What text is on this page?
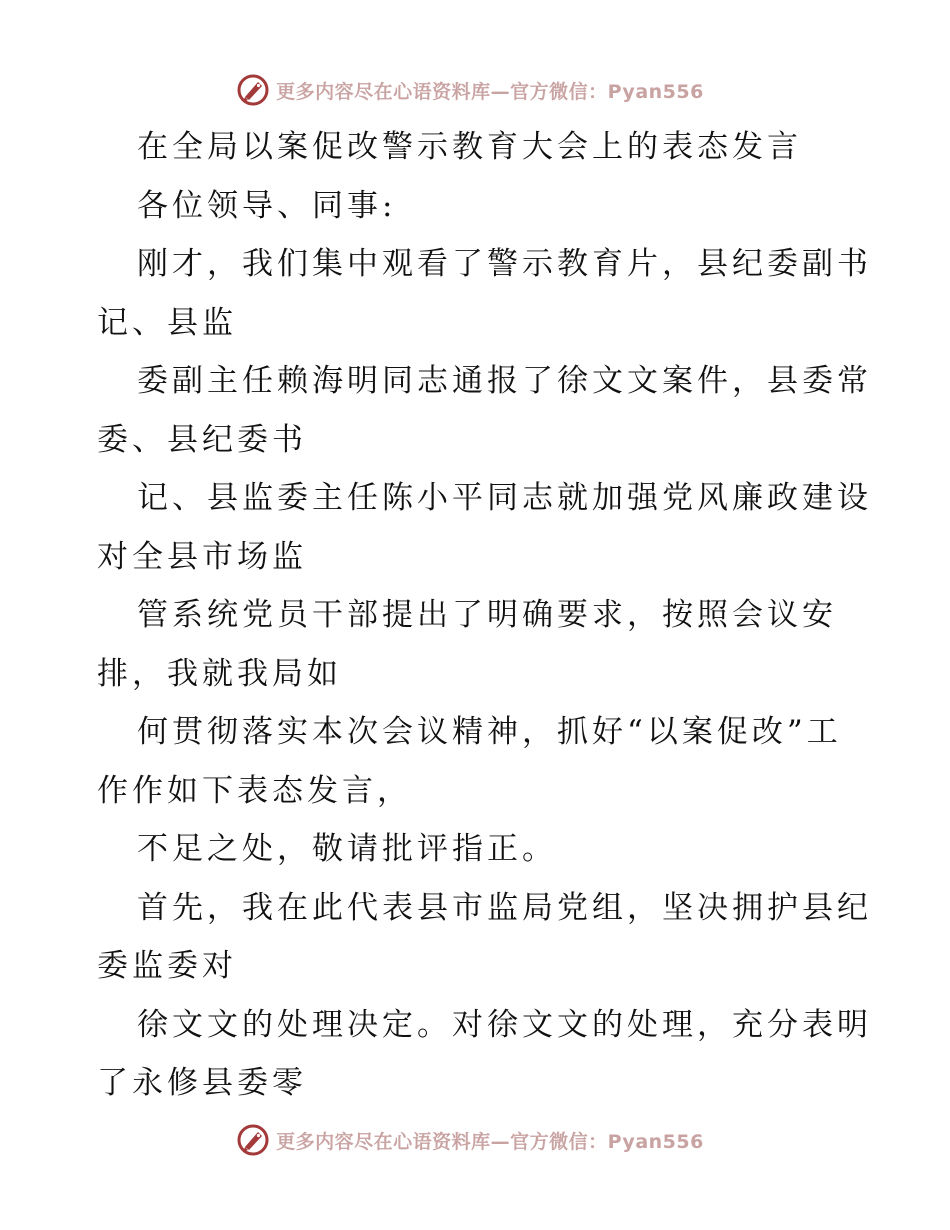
更多内容尽在心语资料库—官方微信：Pyan556
在全局以案促改警示教育大会上的表态发言
各位领导、同事:
刚才，我们集中观看了警示教育片，县纪委副书
记、县监
委副主任赖海明同志通报了徐文文案件，县委常
委、县纪委书
记、县监委主任陈小平同志就加强党风廉政建设
对全县市场监
管系统党员干部提出了明确要求，按照会议安
排，我就我局如
何贯彻落实本次会议精神，抓好“以案促改”工
作作如下表态发言，
不足之处，敬请批评指正。
首先，我在此代表县市监局党组，坚决拥护县纪
委监委对
徐文文的处理决定。对徐文文的处理，充分表明
了永修县委零
更多内容尽在心语资料库—官方微信：Pyan556
